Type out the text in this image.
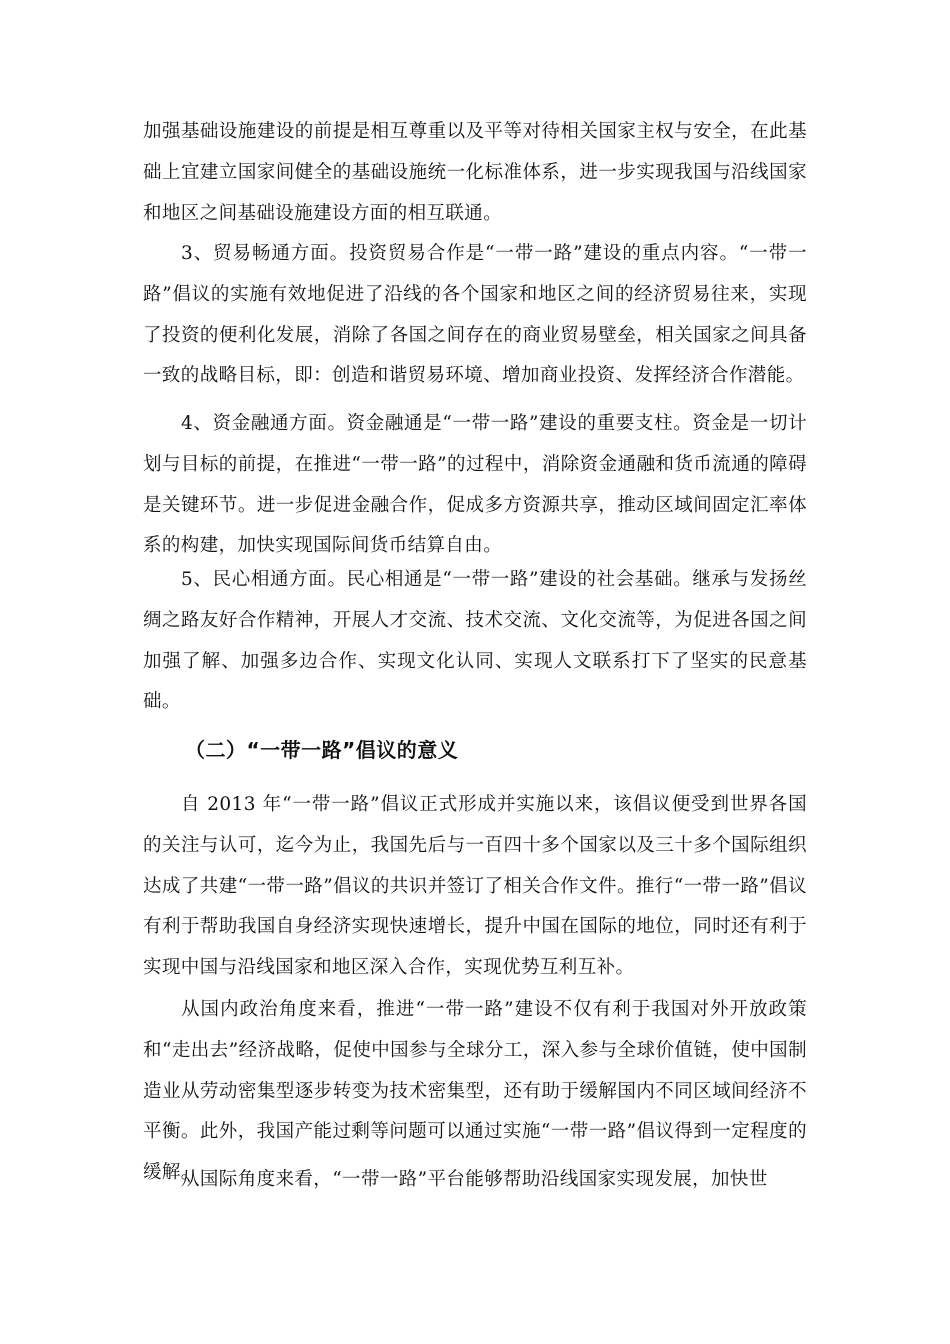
加强基础设施建设的前提是相互尊重以及平等对待相关国家主权与安全，在此基础上宜建立国家间健全的基础设施统一化标准体系，进一步实现我国与沿线国家和地区之间基础设施建设方面的相互联通。

3、贸易畅通方面。投资贸易合作是“一带一路”建设的重点内容。“一带一路”倡议的实施有效地促进了沿线的各个国家和地区之间的经济贸易往来，实现了投资的便利化发展，消除了各国之间存在的商业贸易壁垒，相关国家之间具备一致的战略目标，即：创造和谐贸易环境、增加商业投资、发挥经济合作潜能。

4、资金融通方面。资金融通是“一带一路”建设的重要支柱。资金是一切计划与目标的前提，在推进“一带一路”的过程中，消除资金通融和货币流通的障碍是关键环节。进一步促进金融合作，促成多方资源共享，推动区域间固定汇率体系的构建，加快实现国际间货币结算自由。

5、民心相通方面。民心相通是“一带一路”建设的社会基础。继承与发扬丝绸之路友好合作精神，开展人才交流、技术交流、文化交流等，为促进各国之间加强了解、加强多边合作、实现文化认同、实现人文联系打下了坚实的民意基础。

（二）“一带一路”倡议的意义

自 2013 年“一带一路”倡议正式形成并实施以来，该倡议便受到世界各国的关注与认可，迄今为止，我国先后与一百四十多个国家以及三十多个国际组织达成了共建“一带一路”倡议的共识并签订了相关合作文件。推行“一带一路”倡议有利于帮助我国自身经济实现快速增长，提升中国在国际的地位，同时还有利于实现中国与沿线国家和地区深入合作，实现优势互利互补。

从国内政治角度来看，推进“一带一路”建设不仅有利于我国对外开放政策和“走出去”经济战略，促使中国参与全球分工，深入参与全球价值链，使中国制造业从劳动密集型逐步转变为技术密集型，还有助于缓解国内不同区域间经济不平衡。此外，我国产能过剩等问题可以通过实施“一带一路”倡议得到一定程度的缓解。

从国际角度来看，“一带一路”平台能够帮助沿线国家实现发展，加快世
